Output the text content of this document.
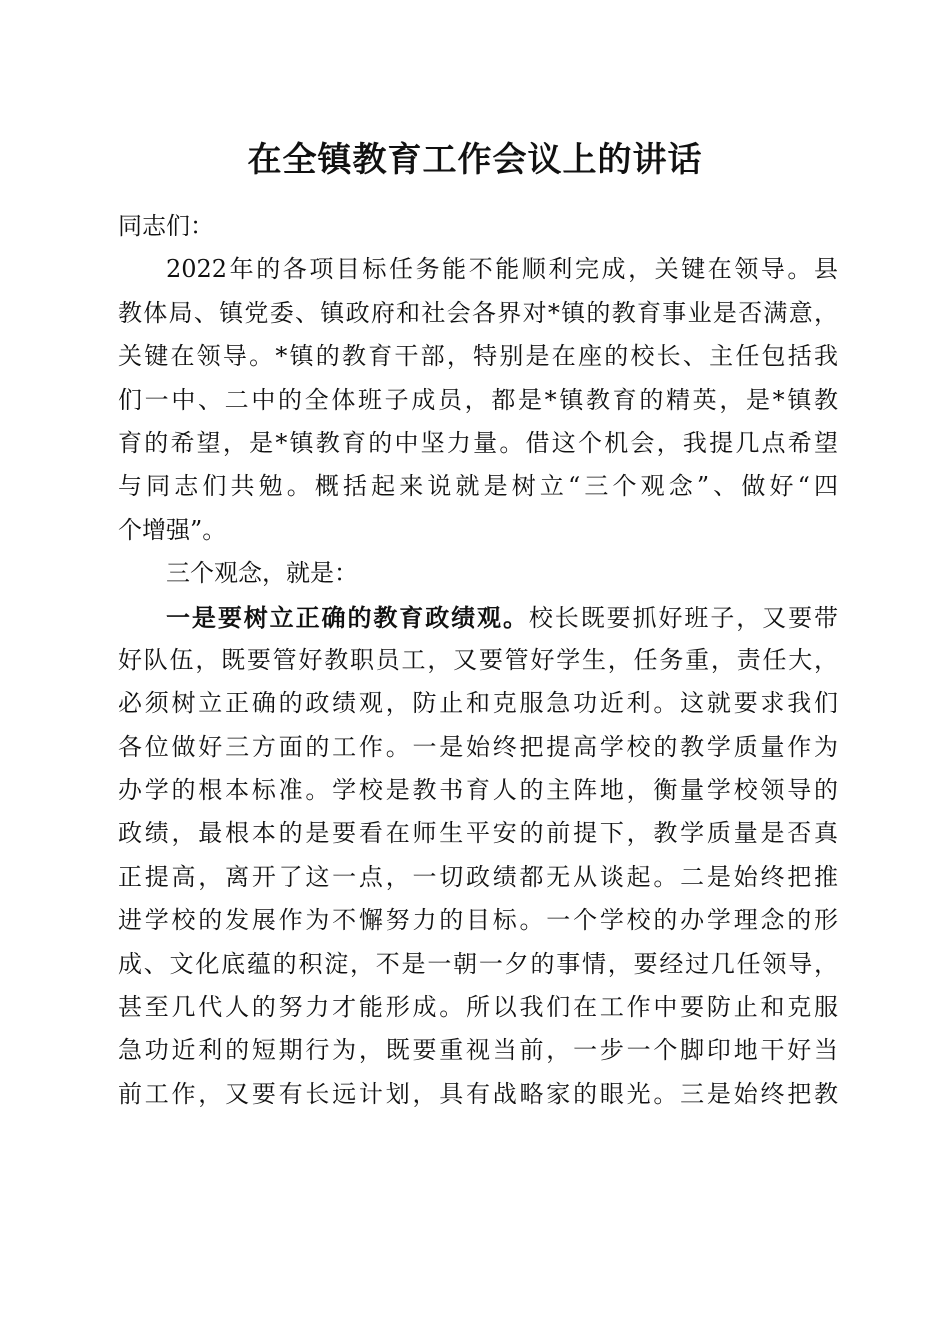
在全镇教育工作会议上的讲话
同志们：
2022年的各项目标任务能不能顺利完成，关键在领导。县
教体局、镇党委、镇政府和社会各界对*镇的教育事业是否满意，
关键在领导。*镇的教育干部，特别是在座的校长、主任包括我
们一中、二中的全体班子成员，都是*镇教育的精英，是*镇教
育的希望，是*镇教育的中坚力量。借这个机会，我提几点希望
与同志们共勉。概括起来说就是树立“三个观念”、做好“四
个增强”。
三个观念，就是：
一是要树立正确的教育政绩观。校长既要抓好班子，又要带
好队伍，既要管好教职员工，又要管好学生，任务重，责任大，
必须树立正确的政绩观，防止和克服急功近利。这就要求我们
各位做好三方面的工作。一是始终把提高学校的教学质量作为
办学的根本标准。学校是教书育人的主阵地，衡量学校领导的
政绩，最根本的是要看在师生平安的前提下，教学质量是否真
正提高，离开了这一点，一切政绩都无从谈起。二是始终把推
进学校的发展作为不懈努力的目标。一个学校的办学理念的形
成、文化底蕴的积淀，不是一朝一夕的事情，要经过几任领导，
甚至几代人的努力才能形成。所以我们在工作中要防止和克服
急功近利的短期行为，既要重视当前，一步一个脚印地干好当
前工作，又要有长远计划，具有战略家的眼光。三是始终把教
